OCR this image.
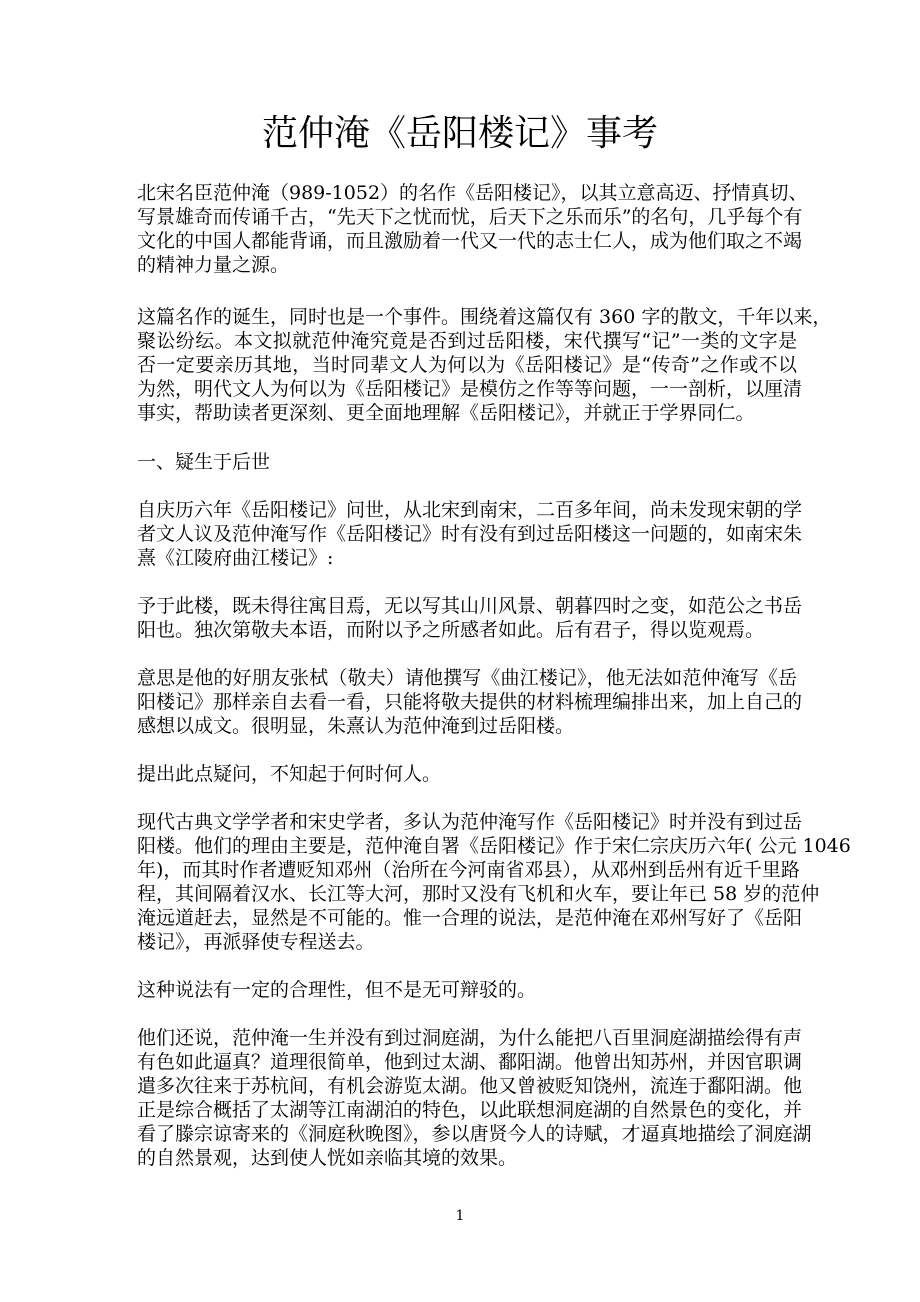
范仲淹《岳阳楼记》事考
北宋名臣范仲淹（989-1052）的名作《岳阳楼记》，以其立意高迈、抒情真切、
写景雄奇而传诵千古，“先天下之忧而忧，后天下之乐而乐”的名句，几乎每个有
文化的中国人都能背诵，而且激励着一代又一代的志士仁人，成为他们取之不竭
的精神力量之源。
这篇名作的诞生，同时也是一个事件。围绕着这篇仅有 360 字的散文，千年以来，
聚讼纷纭。本文拟就范仲淹究竟是否到过岳阳楼，宋代撰写“记”一类的文字是
否一定要亲历其地，当时同辈文人为何以为《岳阳楼记》是“传奇”之作或不以
为然，明代文人为何以为《岳阳楼记》是模仿之作等等问题，一一剖析，以厘清
事实，帮助读者更深刻、更全面地理解《岳阳楼记》，并就正于学界同仁。
一、疑生于后世
自庆历六年《岳阳楼记》问世，从北宋到南宋，二百多年间，尚未发现宋朝的学
者文人议及范仲淹写作《岳阳楼记》时有没有到过岳阳楼这一问题的，如南宋朱
熹《江陵府曲江楼记》:
予于此楼，既未得往寓目焉，无以写其山川风景、朝暮四时之变，如范公之书岳
阳也。独次第敬夫本语，而附以予之所感者如此。后有君子，得以览观焉。
意思是他的好朋友张栻（敬夫）请他撰写《曲江楼记》，他无法如范仲淹写《岳
阳楼记》那样亲自去看一看，只能将敬夫提供的材料梳理编排出来，加上自己的
感想以成文。很明显，朱熹认为范仲淹到过岳阳楼。
提出此点疑问，不知起于何时何人。
现代古典文学学者和宋史学者，多认为范仲淹写作《岳阳楼记》时并没有到过岳
阳楼。他们的理由主要是，范仲淹自署《岳阳楼记》作于宋仁宗庆历六年( 公元 1046
年)，而其时作者遭贬知邓州（治所在今河南省邓县），从邓州到岳州有近千里路
程，其间隔着汉水、长江等大河，那时又没有飞机和火车，要让年已 58 岁的范仲
淹远道赶去，显然是不可能的。惟一合理的说法，是范仲淹在邓州写好了《岳阳
楼记》，再派驿使专程送去。
这种说法有一定的合理性，但不是无可辩驳的。
他们还说，范仲淹一生并没有到过洞庭湖，为什么能把八百里洞庭湖描绘得有声
有色如此逼真？道理很简单，他到过太湖、鄱阳湖。他曾出知苏州，并因官职调
遣多次往来于苏杭间，有机会游览太湖。他又曾被贬知饶州，流连于鄱阳湖。他
正是综合概括了太湖等江南湖泊的特色，以此联想洞庭湖的自然景色的变化，并
看了滕宗谅寄来的《洞庭秋晚图》，参以唐贤今人的诗赋，才逼真地描绘了洞庭湖
的自然景观，达到使人恍如亲临其境的效果。
1
